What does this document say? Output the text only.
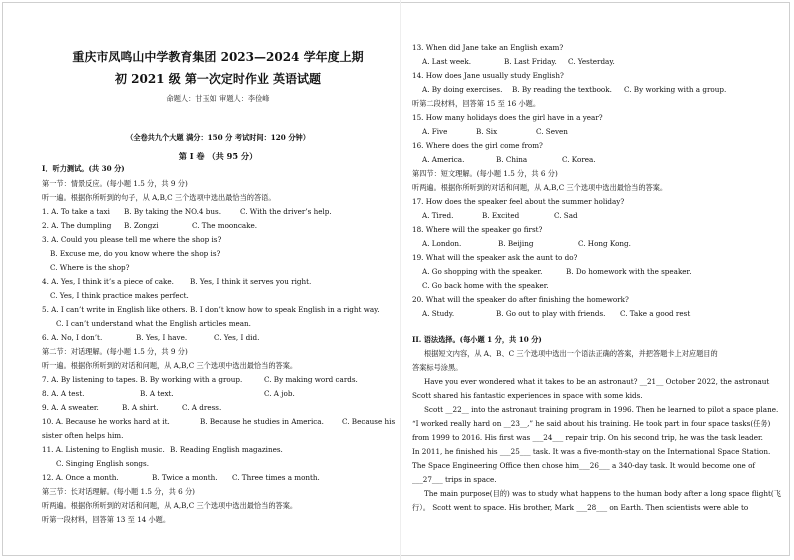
重庆市凤鸣山中学教育集团 2023—2024 学年度上期
初 2021 级 第一次定时作业 英语试题
命题人：甘玉如 审题人：李俭峰
（全卷共九个大题 满分：150 分 考试时间：120 分钟）
第 Ⅰ 卷 （共 95 分）
I．听力测试。(共 30 分)
第一节：情景反应。(每小题 1.5 分，共 9 分)
听一遍。根据你所听到的句子，从 A,B,C 三个选项中选出最恰当的答语。
1. A. To take a taxi B. By taking the NO.4 bus.	C. With the driver’s help.
2. A. The dumpling B. Zongzi	C. The mooncake.
3. A. Could you please tell me where the shop is?
B. Excuse me, do you know where the shop is?
C. Where is the shop?
4. A. Yes, I think it’s a piece of cake. B. Yes, I think it serves you right.
C. Yes, I think practice makes perfect.
5. A. I can’t write in English like others. B. I don’t know how to speak English in a right way.
C. I can’t understand what the English articles mean.
6. A. No, I don’t.	B. Yes, I have.	C. Yes, I did.
第二节：对话理解。(每小题 1.5 分，共 9 分)
听一遍。根据你所听到的对话和问题，从 A,B,C 三个选项中选出最恰当的答案。
7. A. By listening to tapes. B. By working with a group.	C. By making word cards.
8. A. A test.	B. A text.	C. A job.
9. A. A sweater.	B. A shirt.	C. A dress.
10. A. Because he works hard at it.	B. Because he studies in America.	C. Because his
sister often helps him.
11. A. Listening to English music. B. Reading English magazines.
C. Singing English songs.
12. A. Once a month.	B. Twice a month. C. Three times a month.
第三节：长对话理解。(每小题 1.5 分，共 6 分)
听两遍。根据你所听到的对话和问题，从 A,B,C 三个选项中选出最恰当的答案。
听第一段材料，回答第 13 至 14 小题。
13. When did Jane take an English exam?
A. Last week.	B. Last Friday. C. Yesterday.
14. How does Jane usually study English?
A. By doing exercises. B. By reading the textbook. C. By working with a group.
听第二段材料，回答第 15 至 16 小题。
15. How many holidays does the girl have in a year?
A. Five	B. Six	C. Seven
16. Where does the girl come from?
A. America.	B. China	C. Korea.
第四节：短文理解。(每小题 1.5 分，共 6 分)
听两遍。根据你所听到的对话和问题，从 A,B,C 三个选项中选出最恰当的答案。
17. How does the speaker feel about the summer holiday?
A. Tired.	B. Excited	C. Sad
18. Where will the speaker go first?
A. London.	B. Beijing	C. Hong Kong.
19. What will the speaker ask the aunt to do?
A. Go shopping with the speaker.	B. Do homework with the speaker.
C. Go back home with the speaker.
20. What will the speaker do after finishing the homework?
A. Study.	B. Go out to play with friends. C. Take a good rest
II. 语法选择。(每小题 1 分，共 10 分)
根据短文内容，从 A、B、C 三个选项中选出一个语法正确的答案，并把答题卡上对应题目的
答案标号涂黑。
Have you ever wondered what it takes to be an astronaut? __21__ October 2022, the astronaut
Scott shared his fantastic experiences in space with some kids.
Scott __22__ into the astronaut training program in 1996. Then he learned to pilot a space plane.
“I worked really hard on __23__,” he said about his training. He took part in four space tasks(任务)
from 1999 to 2016. His first was ___24___ repair trip. On his second trip, he was the task leader.
In 2011, he finished his ___25___ task. It was a five-month-stay on the International Space Station.
The Space Engineering Office then chose him___26___ a 340-day task. It would become one of
___27___ trips in space.
The main purpose(目的) was to study what happens to the human body after a long space flight(飞
行）。 Scott went to space. His brother, Mark ___28___ on Earth. Then scientists were able to
